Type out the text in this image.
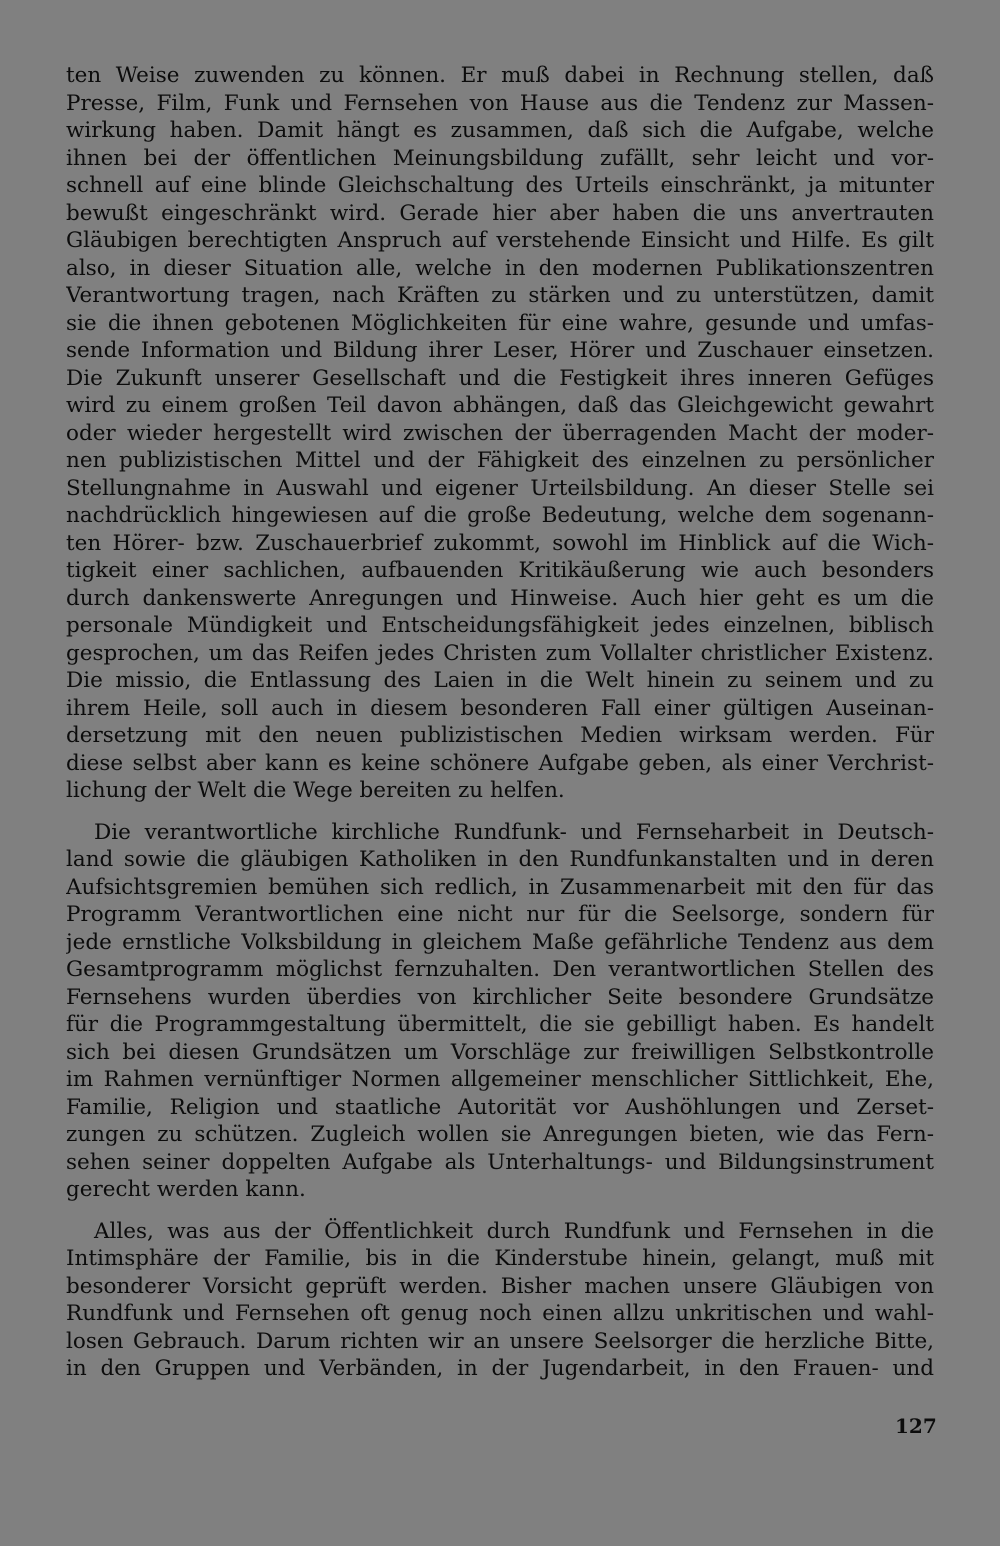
ten Weise zuwenden zu können. Er muß dabei in Rechnung stellen, daß
Presse, Film, Funk und Fernsehen von Hause aus die Tendenz zur Massen-
wirkung haben. Damit hängt es zusammen, daß sich die Aufgabe, welche
ihnen bei der öffentlichen Meinungsbildung zufällt, sehr leicht und vor-
schnell auf eine blinde Gleichschaltung des Urteils einschränkt, ja mitunter
bewußt eingeschränkt wird. Gerade hier aber haben die uns anvertrauten
Gläubigen berechtigten Anspruch auf verstehende Einsicht und Hilfe. Es gilt
also, in dieser Situation alle, welche in den modernen Publikationszentren
Verantwortung tragen, nach Kräften zu stärken und zu unterstützen, damit
sie die ihnen gebotenen Möglichkeiten für eine wahre, gesunde und umfas-
sende Information und Bildung ihrer Leser, Hörer und Zuschauer einsetzen.
Die Zukunft unserer Gesellschaft und die Festigkeit ihres inneren Gefüges
wird zu einem großen Teil davon abhängen, daß das Gleichgewicht gewahrt
oder wieder hergestellt wird zwischen der überragenden Macht der moder-
nen publizistischen Mittel und der Fähigkeit des einzelnen zu persönlicher
Stellungnahme in Auswahl und eigener Urteilsbildung. An dieser Stelle sei
nachdrücklich hingewiesen auf die große Bedeutung, welche dem sogenann-
ten Hörer- bzw. Zuschauerbrief zukommt, sowohl im Hinblick auf die Wich-
tigkeit einer sachlichen, aufbauenden Kritikäußerung wie auch besonders
durch dankenswerte Anregungen und Hinweise. Auch hier geht es um die
personale Mündigkeit und Entscheidungsfähigkeit jedes einzelnen, biblisch
gesprochen, um das Reifen jedes Christen zum Vollalter christlicher Existenz.
Die missio, die Entlassung des Laien in die Welt hinein zu seinem und zu
ihrem Heile, soll auch in diesem besonderen Fall einer gültigen Auseinan-
dersetzung mit den neuen publizistischen Medien wirksam werden. Für
diese selbst aber kann es keine schönere Aufgabe geben, als einer Verchrist-
lichung der Welt die Wege bereiten zu helfen.
Die verantwortliche kirchliche Rundfunk- und Fernseharbeit in Deutsch-
land sowie die gläubigen Katholiken in den Rundfunkanstalten und in deren
Aufsichtsgremien bemühen sich redlich, in Zusammenarbeit mit den für das
Programm Verantwortlichen eine nicht nur für die Seelsorge, sondern für
jede ernstliche Volksbildung in gleichem Maße gefährliche Tendenz aus dem
Gesamtprogramm möglichst fernzuhalten. Den verantwortlichen Stellen des
Fernsehens wurden überdies von kirchlicher Seite besondere Grundsätze
für die Programmgestaltung übermittelt, die sie gebilligt haben. Es handelt
sich bei diesen Grundsätzen um Vorschläge zur freiwilligen Selbstkontrolle
im Rahmen vernünftiger Normen allgemeiner menschlicher Sittlichkeit, Ehe,
Familie, Religion und staatliche Autorität vor Aushöhlungen und Zerset-
zungen zu schützen. Zugleich wollen sie Anregungen bieten, wie das Fern-
sehen seiner doppelten Aufgabe als Unterhaltungs- und Bildungsinstrument
gerecht werden kann.
Alles, was aus der Öffentlichkeit durch Rundfunk und Fernsehen in die
Intimsphäre der Familie, bis in die Kinderstube hinein, gelangt, muß mit
besonderer Vorsicht geprüft werden. Bisher machen unsere Gläubigen von
Rundfunk und Fernsehen oft genug noch einen allzu unkritischen und wahl-
losen Gebrauch. Darum richten wir an unsere Seelsorger die herzliche Bitte,
in den Gruppen und Verbänden, in der Jugendarbeit, in den Frauen- und
127
